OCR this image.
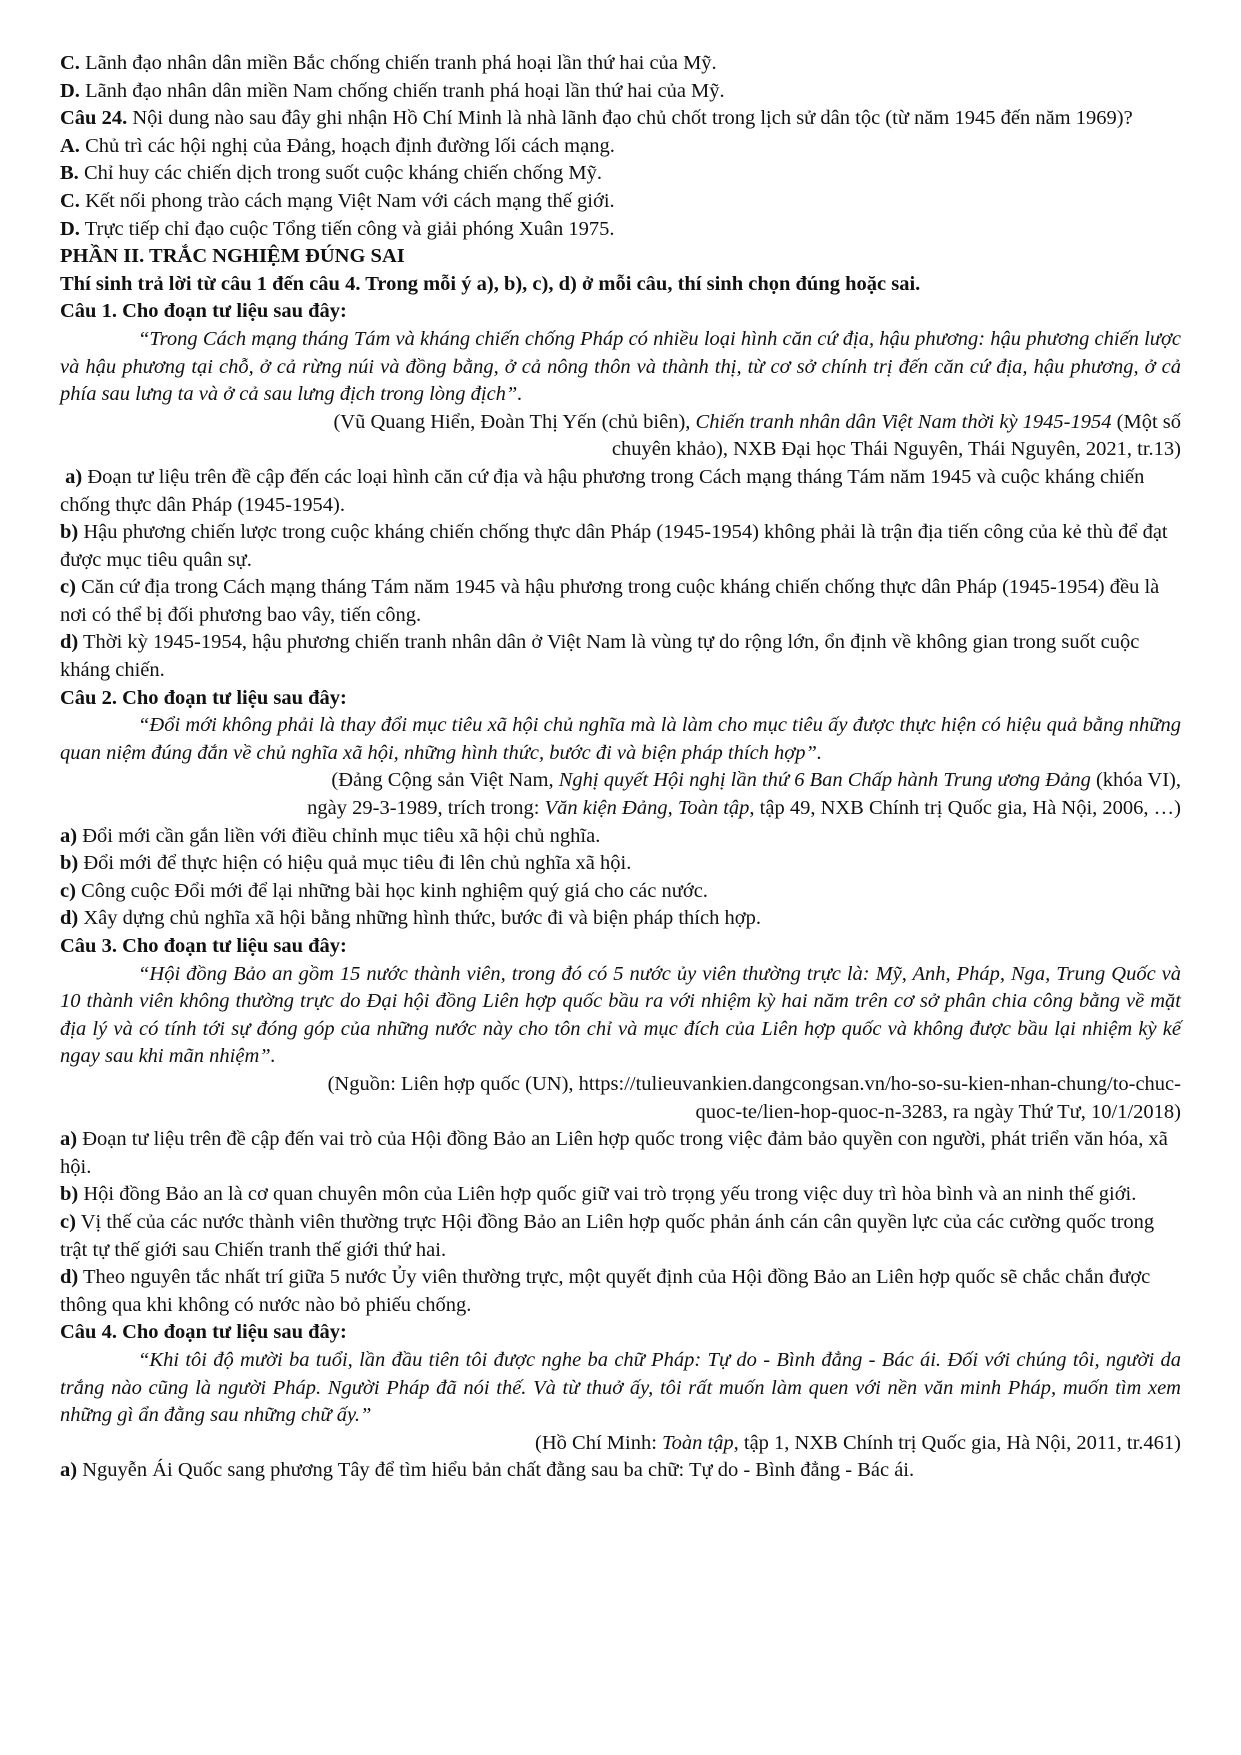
C. Lãnh đạo nhân dân miền Bắc chống chiến tranh phá hoại lần thứ hai của Mỹ.

D. Lãnh đạo nhân dân miền Nam chống chiến tranh phá hoại lần thứ hai của Mỹ.

Câu 24. Nội dung nào sau đây ghi nhận Hồ Chí Minh là nhà lãnh đạo chủ chốt trong lịch sử dân tộc (từ năm 1945 đến năm 1969)?

A. Chủ trì các hội nghị của Đảng, hoạch định đường lối cách mạng.

B. Chỉ huy các chiến dịch trong suốt cuộc kháng chiến chống Mỹ.

C. Kết nối phong trào cách mạng Việt Nam với cách mạng thế giới.

D. Trực tiếp chỉ đạo cuộc Tổng tiến công và giải phóng Xuân 1975.

PHẦN II. TRẮC NGHIỆM ĐÚNG SAI

Thí sinh trả lời từ câu 1 đến câu 4. Trong mỗi ý a), b), c), d) ở mỗi câu, thí sinh chọn đúng hoặc sai.

Câu 1. Cho đoạn tư liệu sau đây:

“Trong Cách mạng tháng Tám và kháng chiến chống Pháp có nhiều loại hình căn cứ địa, hậu phương: hậu phương chiến lược và hậu phương tại chỗ, ở cả rừng núi và đồng bằng, ở cả nông thôn và thành thị, từ cơ sở chính trị đến căn cứ địa, hậu phương, ở cả phía sau lưng ta và ở cả sau lưng địch trong lòng địch”.

(Vũ Quang Hiển, Đoàn Thị Yến (chủ biên), Chiến tranh nhân dân Việt Nam thời kỳ 1945-1954 (Một số

chuyên khảo), NXB Đại học Thái Nguyên, Thái Nguyên, 2021, tr.13)

a) Đoạn tư liệu trên đề cập đến các loại hình căn cứ địa và hậu phương trong Cách mạng tháng Tám năm 1945 và cuộc kháng chiến chống thực dân Pháp (1945-1954).

b) Hậu phương chiến lược trong cuộc kháng chiến chống thực dân Pháp (1945-1954) không phải là trận địa tiến công của kẻ thù để đạt được mục tiêu quân sự.

c) Căn cứ địa trong Cách mạng tháng Tám năm 1945 và hậu phương trong cuộc kháng chiến chống thực dân Pháp (1945-1954) đều là nơi có thể bị đối phương bao vây, tiến công.

d) Thời kỳ 1945-1954, hậu phương chiến tranh nhân dân ở Việt Nam là vùng tự do rộng lớn, ổn định về không gian trong suốt cuộc kháng chiến.

Câu 2. Cho đoạn tư liệu sau đây:

“Đổi mới không phải là thay đổi mục tiêu xã hội chủ nghĩa mà là làm cho mục tiêu ấy được thực hiện có hiệu quả bằng những quan niệm đúng đắn về chủ nghĩa xã hội, những hình thức, bước đi và biện pháp thích hợp”.

(Đảng Cộng sản Việt Nam, Nghị quyết Hội nghị lần thứ 6 Ban Chấp hành Trung ương Đảng (khóa VI),

ngày 29-3-1989, trích trong: Văn kiện Đảng, Toàn tập, tập 49, NXB Chính trị Quốc gia, Hà Nội, 2006, …)

a) Đổi mới cần gắn liền với điều chỉnh mục tiêu xã hội chủ nghĩa.

b) Đổi mới để thực hiện có hiệu quả mục tiêu đi lên chủ nghĩa xã hội.

c) Công cuộc Đổi mới để lại những bài học kinh nghiệm quý giá cho các nước.

d) Xây dựng chủ nghĩa xã hội bằng những hình thức, bước đi và biện pháp thích hợp.

Câu 3. Cho đoạn tư liệu sau đây:

“Hội đồng Bảo an gồm 15 nước thành viên, trong đó có 5 nước ủy viên thường trực là: Mỹ, Anh, Pháp, Nga, Trung Quốc và 10 thành viên không thường trực do Đại hội đồng Liên hợp quốc bầu ra với nhiệm kỳ hai năm trên cơ sở phân chia công bằng về mặt địa lý và có tính tới sự đóng góp của những nước này cho tôn chỉ và mục đích của Liên hợp quốc và không được bầu lại nhiệm kỳ kế ngay sau khi mãn nhiệm”.

(Nguồn: Liên hợp quốc (UN), https://tulieuvankien.dangcongsan.vn/ho-so-su-kien-nhan-chung/to-chuc-

quoc-te/lien-hop-quoc-n-3283, ra ngày Thứ Tư, 10/1/2018)

a) Đoạn tư liệu trên đề cập đến vai trò của Hội đồng Bảo an Liên hợp quốc trong việc đảm bảo quyền con người, phát triển văn hóa, xã hội.

b) Hội đồng Bảo an là cơ quan chuyên môn của Liên hợp quốc giữ vai trò trọng yếu trong việc duy trì hòa bình và an ninh thế giới.

c) Vị thế của các nước thành viên thường trực Hội đồng Bảo an Liên hợp quốc phản ánh cán cân quyền lực của các cường quốc trong trật tự thế giới sau Chiến tranh thế giới thứ hai.

d) Theo nguyên tắc nhất trí giữa 5 nước Ủy viên thường trực, một quyết định của Hội đồng Bảo an Liên hợp quốc sẽ chắc chắn được thông qua khi không có nước nào bỏ phiếu chống.

Câu 4. Cho đoạn tư liệu sau đây:

“Khi tôi độ mười ba tuổi, lần đầu tiên tôi được nghe ba chữ Pháp: Tự do - Bình đẳng - Bác ái. Đối với chúng tôi, người da trắng nào cũng là người Pháp. Người Pháp đã nói thế. Và từ thuở ấy, tôi rất muốn làm quen với nền văn minh Pháp, muốn tìm xem những gì ẩn đằng sau những chữ ấy.”

(Hồ Chí Minh: Toàn tập, tập 1, NXB Chính trị Quốc gia, Hà Nội, 2011, tr.461)

a) Nguyễn Ái Quốc sang phương Tây để tìm hiểu bản chất đằng sau ba chữ: Tự do - Bình đẳng - Bác ái.
